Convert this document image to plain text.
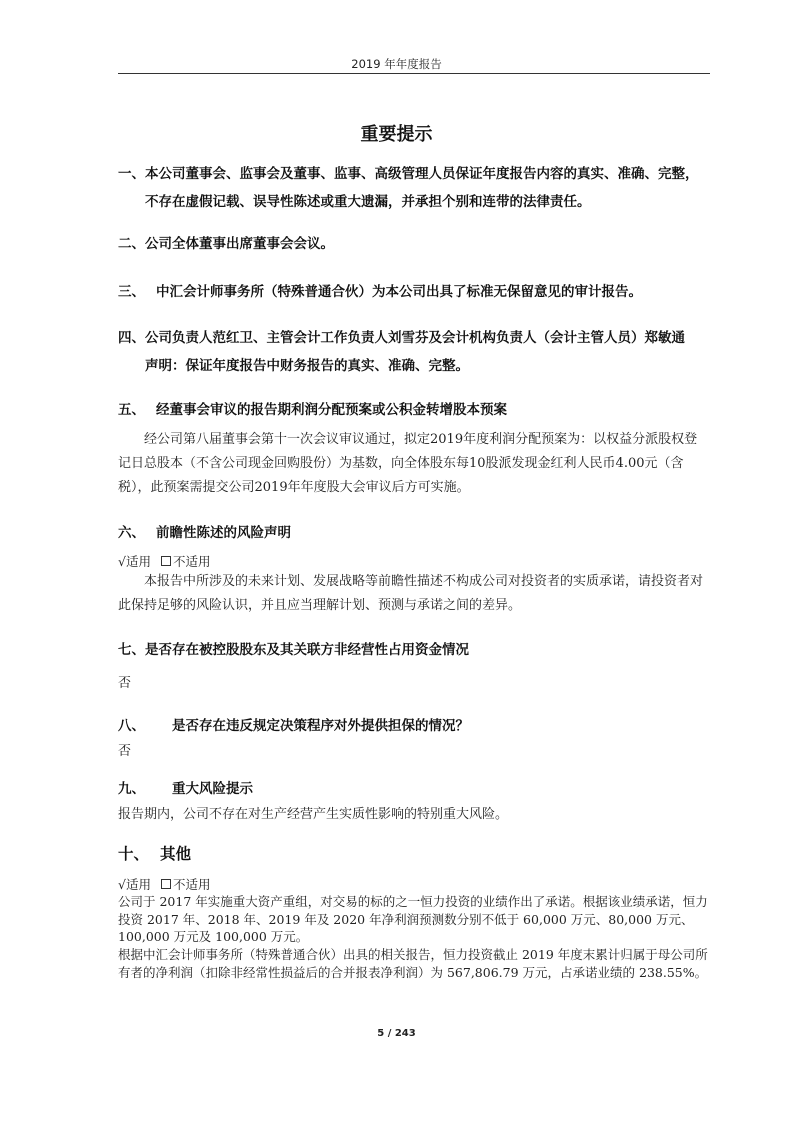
2019 年年度报告
重要提示
一、本公司董事会、监事会及董事、监事、高级管理人员保证年度报告内容的真实、准确、完整，
不存在虚假记载、误导性陈述或重大遗漏，并承担个别和连带的法律责任。
二、公司全体董事出席董事会会议。
三、 中汇会计师事务所（特殊普通合伙）为本公司出具了标准无保留意见的审计报告。
四、公司负责人范红卫、主管会计工作负责人刘雪芬及会计机构负责人（会计主管人员）郑敏通
声明：保证年度报告中财务报告的真实、准确、完整。
五、 经董事会审议的报告期利润分配预案或公积金转增股本预案
经公司第八届董事会第十一次会议审议通过，拟定2019年度利润分配预案为：以权益分派股权登记日总股本（不含公司现金回购股份）为基数，向全体股东每10股派发现金红利人民币4.00元（含税），此预案需提交公司2019年年度股大会审议后方可实施。
六、 前瞻性陈述的风险声明
√适用 不适用
本报告中所涉及的未来计划、发展战略等前瞻性描述不构成公司对投资者的实质承诺，请投资者对此保持足够的风险认识，并且应当理解计划、预测与承诺之间的差异。
七、是否存在被控股股东及其关联方非经营性占用资金情况
否
八、 是否存在违反规定决策程序对外提供担保的情况？
否
九、 重大风险提示
报告期内，公司不存在对生产经营产生实质性影响的特别重大风险。
十、 其他
√适用 不适用
公司于 2017 年实施重大资产重组，对交易的标的之一恒力投资的业绩作出了承诺。根据该业绩承诺，恒力投资 2017 年、2018 年、2019 年及 2020 年净利润预测数分别不低于 60,000 万元、80,000 万元、100,000 万元及 100,000 万元。
根据中汇会计师事务所（特殊普通合伙）出具的相关报告，恒力投资截止 2019 年度末累计归属于母公司所有者的净利润（扣除非经常性损益后的合并报表净利润）为 567,806.79 万元，占承诺业绩的 238.55%。
5 / 243
